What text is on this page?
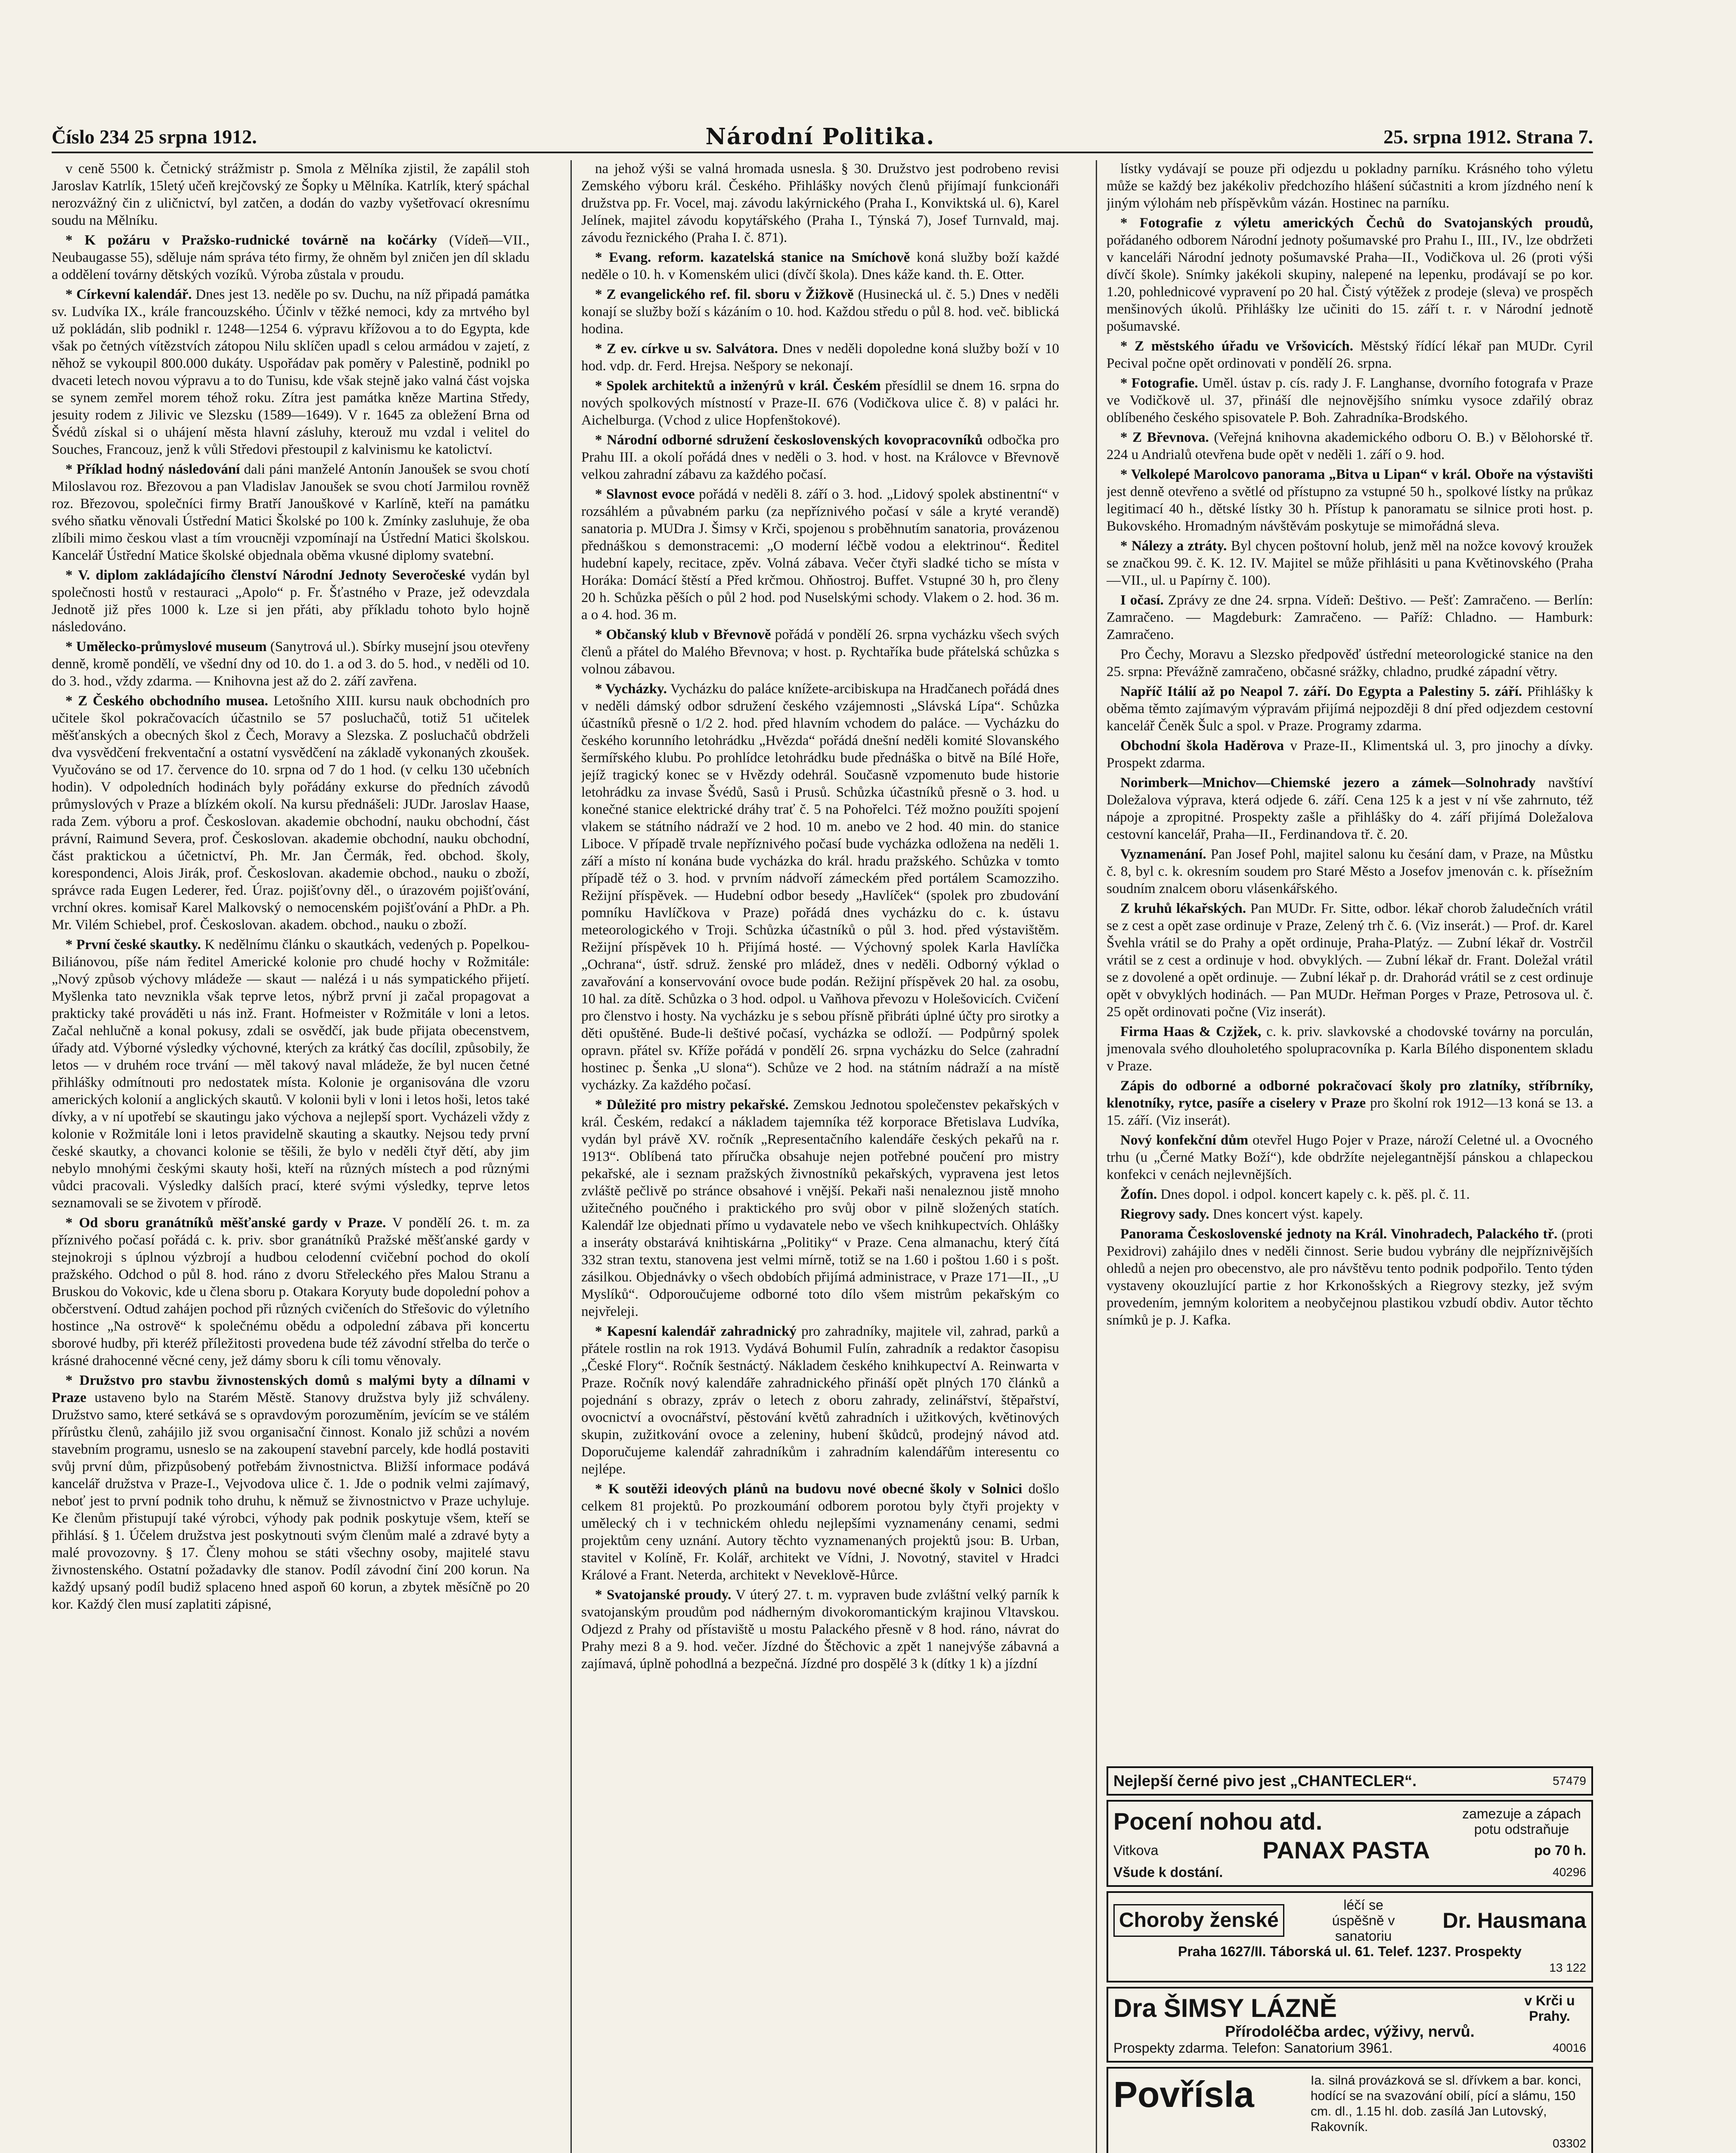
Číslo 234 25 srpna 1912.	Národní Politika.	25. srpna 1912. Strana 7.

v ceně 5500 k. Četnický strážmistr p. Smola z Mělníka zjistil, že zapálil stoh Jaroslav Katrlík, 15letý učeň krejčovský ze Šopky u Mělníka. Katrlík, který spáchal nerozvážný čin z uličnictví, byl zatčen, a dodán do vazby vyšetřovací okresnímu soudu na Mělníku.

* K požáru v Pražsko-rudnické továrně na kočárky (Vídeň—VII., Neubaugasse 55), sděluje nám správa této firmy, že ohněm byl zničen jen díl skladu a oddělení továrny dětských vozíků. Výroba zůstala v proudu.

* Církevní kalendář. Dnes jest 13. neděle po sv. Duchu, na níž připadá památka sv. Ludvíka IX., krále francouzského. Účinlv v těžké nemoci, kdy za mrtvého byl už pokládán, slib podnikl r. 1248—1254 6. výpravu křížovou a to do Egypta, kde však po četných vítězstvích zátopou Nilu sklíčen upadl s celou armádou v zajetí, z něhož se vykoupil 800.000 dukáty. Uspořádav pak poměry v Palestině, podnikl po dvaceti letech novou výpravu a to do Tunisu, kde však stejně jako valná část vojska se synem zemřel morem téhož roku. Zítra jest památka kněze Martina Středy, jesuity rodem z Jilivic ve Slezsku (1589—1649). V r. 1645 za obležení Brna od Švédů získal si o uhájení města hlavní zásluhy, kterouž mu vzdal i velitel do Souches, Francouz, jenž k vůli Středovi přestoupil z kalvinismu ke katolictví.

* Příklad hodný následování dali páni manželé Antonín Janoušek se svou chotí Miloslavou roz. Březovou a pan Vladislav Janoušek se svou chotí Jarmilou rovněž roz. Březovou, společníci firmy Bratří Janouškové v Karlíně, kteří na památku svého sňatku věnovali Ústřední Matici Školské po 100 k. Zmínky zasluhuje, že oba zlíbili mimo českou vlast a tím vroucněji vzpomínají na Ústřední Matici školskou. Kancelář Ústřední Matice školské objednala oběma vkusné diplomy svatební.

* V. diplom zakládajícího členství Národní Jednoty Severočeské vydán byl společnosti hostů v restauraci „Apolo“ p. Fr. Šťastného v Praze, jež odevzdala Jednotě již přes 1000 k. Lze si jen přáti, aby příkladu tohoto bylo hojně následováno.

* Umělecko-průmyslové museum (Sanytrová ul.). Sbírky musejní jsou otevřeny denně, kromě pondělí, ve všední dny od 10. do 1. a od 3. do 5. hod., v neděli od 10. do 3. hod., vždy zdarma. — Knihovna jest až do 2. září zavřena.

* Z Českého obchodního musea. Letošního XIII. kursu nauk obchodních pro učitele škol pokračovacích účastnilo se 57 posluchačů, totiž 51 učitelek měšťanských a obecných škol z Čech, Moravy a Slezska. Z posluchačů obdrželi dva vysvědčení frekventační a ostatní vysvědčení na základě vykonaných zkoušek. Vyučováno se od 17. července do 10. srpna od 7 do 1 hod. (v celku 130 učebních hodin). V odpoledních hodinách byly pořádány exkurse do předních závodů průmyslových v Praze a blízkém okolí. Na kursu přednášeli: JUDr. Jaroslav Haase, rada Zem. výboru a prof. Českoslovan. akademie obchodní, nauku obchodní, část právní, Raimund Severa, prof. Českoslovan. akademie obchodní, nauku obchodní, část praktickou a účetnictví, Ph. Mr. Jan Čermák, řed. obchod. školy, korespondenci, Alois Jirák, prof. Českoslovan. akademie obchod., nauku o zboží, správce rada Eugen Lederer, řed. Úraz. pojišťovny děl., o úrazovém pojišťování, vrchní okres. komisař Karel Malkovský o nemocenském pojišťování a PhDr. a Ph. Mr. Vilém Schiebel, prof. Českoslovan. akadem. obchod., nauku o zboží.

* První české skautky. K nedělnímu článku o skautkách, vedených p. Popelkou-Biliánovou, píše nám ředitel Americké kolonie pro chudé hochy v Rožmitále: „Nový způsob výchovy mládeže — skaut — nalézá i u nás sympatického přijetí. Myšlenka tato nevznikla však teprve letos, nýbrž první ji začal propagovat a prakticky také prováděti u nás inž. Frant. Hofmeister v Rožmitále v loni a letos. Začal nehlučně a konal pokusy, zdali se osvědčí, jak bude přijata obecenstvem, úřady atd. Výborné výsledky výchovné, kterých za krátký čas docílil, způsobily, že letos — v druhém roce trvání — měl takový naval mládeže, že byl nucen četné přihlášky odmítnouti pro nedostatek místa. Kolonie je organisována dle vzoru amerických kolonií a anglických skautů. V kolonii byli v loni i letos hoši, letos také dívky, a v ní upotřebí se skautingu jako výchova a nejlepší sport. Vycházeli vždy z kolonie v Rožmitále loni i letos pravidelně skauting a skautky. Nejsou tedy první české skautky, a chovanci kolonie se těšili, že bylo v neděli čtyř dětí, aby jim nebylo mnohými českými skauty hoši, kteří na různých místech a pod různými vůdci pracovali. Výsledky dalších prací, které svými výsledky, teprve letos seznamovali se se životem v přírodě.

* Od sboru granátníků měšťanské gardy v Praze. V pondělí 26. t. m. za příznivého počasí pořádá c. k. priv. sbor granátníků Pražské měšťanské gardy v stejnokroji s úplnou výzbrojí a hudbou celodenní cvičební pochod do okolí pražského. Odchod o půl 8. hod. ráno z dvoru Střeleckého přes Malou Stranu a Bruskou do Vokovic, kde u člena sboru p. Otakara Koryuty bude dopolední pohov a občerstvení. Odtud zahájen pochod při různých cvičeních do Střešovic do výletního hostince „Na ostrově“ k společnému obědu a odpolední zábava při koncertu sborové hudby, při kteréž příležitosti provedena bude též závodní střelba do terče o krásné drahocenné věcné ceny, jež dámy sboru k cíli tomu věnovaly.

* Družstvo pro stavbu živnostenských domů s malými byty a dílnami v Praze ustaveno bylo na Starém Městě. Stanovy družstva byly již schváleny. Družstvo samo, které setkává se s opravdovým porozuměním, jevícím se ve stálém přírůstku členů, zahájilo již svou organisační činnost. Konalo již schůzi a novém stavebním programu, usneslo se na zakoupení stavební parcely, kde hodlá postaviti svůj první dům, přizpůsobený potřebám živnostnictva. Bližší informace podává kancelář družstva v Praze-I., Vejvodova ulice č. 1. Jde o podnik velmi zajímavý, neboť jest to první podnik toho druhu, k němuž se živnostnictvo v Praze uchyluje. Ke členům přistupují také výrobci, výhody pak podnik poskytuje všem, kteří se přihlásí. § 1. Účelem družstva jest poskytnouti svým členům malé a zdravé byty a malé provozovny. § 17. Členy mohou se státi všechny osoby, majitelé stavu živnostenského. Ostatní požadavky dle stanov. Podíl závodní činí 200 korun. Na každý upsaný podíl budiž splaceno hned aspoň 60 korun, a zbytek měsíčně po 20 kor. Každý člen musí zaplatiti zápisné,

na jehož výši se valná hromada usnesla. § 30. Družstvo jest podrobeno revisi Zemského výboru král. Českého. Přihlášky nových členů přijímají funkcionáři družstva pp. Fr. Vocel, maj. závodu lakýrnického (Praha I., Konviktská ul. 6), Karel Jelínek, majitel závodu kopytářského (Praha I., Týnská 7), Josef Turnvald, maj. závodu řeznického (Praha I. č. 871).

* Evang. reform. kazatelská stanice na Smíchově koná služby boží každé neděle o 10. h. v Komenském ulici (dívčí škola). Dnes káže kand. th. E. Otter.

* Z evangelického ref. fil. sboru v Žižkově (Husinecká ul. č. 5.) Dnes v neděli konají se služby boží s kázáním o 10. hod. Každou středu o půl 8. hod. več. biblická hodina.

* Z ev. církve u sv. Salvátora. Dnes v neděli dopoledne koná služby boží v 10 hod. vdp. dr. Ferd. Hrejsa. Nešpory se nekonají.

* Spolek architektů a inženýrů v král. Českém přesídlil se dnem 16. srpna do nových spolkových místností v Praze-II. 676 (Vodičkova ulice č. 8) v paláci hr. Aichelburga. (Vchod z ulice Hopfenštokové).

* Národní odborné sdružení československých kovopracovníků odbočka pro Prahu III. a okolí pořádá dnes v neděli o 3. hod. v host. na Královce v Břevnově velkou zahradní zábavu za každého počasí.

* Slavnost evoce pořádá v neděli 8. září o 3. hod. „Lidový spolek abstinentní“ v rozsáhlém a půvabném parku (za nepříznivého počasí v sále a kryté verandě) sanatoria p. MUDra J. Šimsy v Krči, spojenou s proběhnutím sanatoria, provázenou přednáškou s demonstracemi: „O moderní léčbě vodou a elektrinou“. Ředitel hudební kapely, recitace, zpěv. Volná zábava. Večer čtyři sladké ticho se místa v Horáka: Domácí štěstí a Před krčmou. Ohňostroj. Buffet. Vstupné 30 h, pro členy 20 h. Schůzka pěších o půl 2 hod. pod Nuselskými schody. Vlakem o 2. hod. 36 m. a o 4. hod. 36 m.

* Občanský klub v Břevnově pořádá v pondělí 26. srpna vycházku všech svých členů a přátel do Malého Břevnova; v host. p. Rychtaříka bude přátelská schůzka s volnou zábavou.

* Vycházky. Vycházku do paláce knížete-arcibiskupa na Hradčanech pořádá dnes v neděli dámský odbor sdružení českého vzájemnosti „Slávská Lípa“. Schůzka účastníků přesně o 1/2 2. hod. před hlavním vchodem do paláce. — Vycházku do českého korunního letohrádku „Hvězda“ pořádá dnešní neděli komité Slovanského šermířského klubu. Po prohlídce letohrádku bude přednáška o bitvě na Bílé Hoře, jejíž tragický konec se v Hvězdy odehrál. Současně vzpomenuto bude historie letohrádku za invase Švédů, Sasů i Prusů. Schůzka účastníků přesně o 3. hod. u konečné stanice elektrické dráhy trať č. 5 na Pohořelci. Též možno použíti spojení vlakem se státního nádraží ve 2 hod. 10 m. anebo ve 2 hod. 40 min. do stanice Liboce. V případě trvale nepříznivého počasí bude vycházka odložena na neděli 1. září a místo ní konána bude vycházka do král. hradu pražského. Schůzka v tomto případě též o 3. hod. v prvním nádvoří zámeckém před portálem Scamozziho. Režijní příspěvek. — Hudební odbor besedy „Havlíček“ (spolek pro zbudování pomníku Havlíčkova v Praze) pořádá dnes vycházku do c. k. ústavu meteorologického v Troji. Schůzka účastníků o půl 3. hod. před výstavištěm. Režijní příspěvek 10 h. Přijímá hosté. — Výchovný spolek Karla Havlíčka „Ochrana“, ústř. sdruž. ženské pro mládež, dnes v neděli. Odborný výklad o zavařování a konservování ovoce bude podán. Režijní příspěvek 20 hal. za osobu, 10 hal. za dítě. Schůzka o 3 hod. odpol. u Vaňhova převozu v Holešovicích. Cvičení pro členstvo i hosty. Na vycházku je s sebou přísně přibráti úplné účty pro sirotky a děti opuštěné. Bude-li deštivé počasí, vycházka se odloží. — Podpůrný spolek opravn. přátel sv. Kříže pořádá v pondělí 26. srpna vycházku do Selce (zahradní hostinec p. Šenka „U slona“). Schůze ve 2 hod. na státním nádraží a na místě vycházky. Za každého počasí.

* Důležité pro mistry pekařské. Zemskou Jednotou společenstev pekařských v král. Českém, redakcí a nákladem tajemníka též korporace Břetislava Ludvíka, vydán byl právě XV. ročník „Representačního kalendáře českých pekařů na r. 1913“. Oblíbená tato příručka obsahuje nejen potřebné poučení pro mistry pekařské, ale i seznam pražských živnostníků pekařských, vypravena jest letos zvláště pečlivě po stránce obsahové i vnější. Pekaři naši nenaleznou jistě mnoho užitečného poučného i praktického pro svůj obor v pilně složených statích. Kalendář lze objednati přímo u vydavatele nebo ve všech knihkupectvích. Ohlášky a inseráty obstarává knihtiskárna „Politiky“ v Praze. Cena almanachu, který čítá 332 stran textu, stanovena jest velmi mírně, totiž se na 1.60 i poštou 1.60 i s pošt. zásilkou. Objednávky o všech obdobích přijímá administrace, v Praze 171—II., „U Myslíků“. Odporoučujeme odborné toto dílo všem mistrům pekařským co nejvřeleji.

* Kapesní kalendář zahradnický pro zahradníky, majitele vil, zahrad, parků a přátele rostlin na rok 1913. Vydává Bohumil Fulín, zahradník a redaktor časopisu „České Flory“. Ročník šestnáctý. Nákladem českého knihkupectví A. Reinwarta v Praze. Ročník nový kalendáře zahradnického přináší opět plných 170 článků a pojednání s obrazy, zpráv o letech z oboru zahrady, zelinářství, štěpařství, ovocnictví a ovocnářství, pěstování květů zahradních i užitkových, květinových skupin, zužitkování ovoce a zeleniny, hubení škůdců, prodejný návod atd. Doporučujeme kalendář zahradníkům i zahradním kalendářům interesentu co nejlépe.

* K soutěži ideových plánů na budovu nové obecné školy v Solnici došlo celkem 81 projektů. Po prozkoumání odborem porotou byly čtyři projekty v umělecký ch i v technickém ohledu nejlepšími vyznamenány cenami, sedmi projektům ceny uznání. Autory těchto vyznamenaných projektů jsou: B. Urban, stavitel v Kolíně, Fr. Kolář, architekt ve Vídni, J. Novotný, stavitel v Hradci Králové a Frant. Neterda, architekt v Neveklově-Hůrce.

* Svatojanské proudy. V úterý 27. t. m. vypraven bude zvláštní velký parník k svatojanským proudům pod nádherným divokoromantickým krajinou Vltavskou. Odjezd z Prahy od přístaviště u mostu Palackého přesně v 8 hod. ráno, návrat do Prahy mezi 8 a 9. hod. večer. Jízdné do Štěchovic a zpět 1 nanejvýše zábavná a zajímavá, úplně pohodlná a bezpečná. Jízdné pro dospělé 3 k (dítky 1 k) a jízdní

lístky vydávají se pouze při odjezdu u pokladny parníku. Krásného toho výletu může se každý bez jakékoliv předchozího hlášení súčastniti a krom jízdného není k jiným výlohám neb příspěvkům vázán. Hostinec na parníku.

* Fotografie z výletu amerických Čechů do Svatojanských proudů, pořádaného odborem Národní jednoty pošumavské pro Prahu I., III., IV., lze obdržeti v kanceláři Národní jednoty pošumavské Praha—II., Vodičkova ul. 26 (proti výši dívčí škole). Snímky jakékoli skupiny, nalepené na lepenku, prodávají se po kor. 1.20, pohlednicové vypravení po 20 hal. Čistý výtěžek z prodeje (sleva) ve prospěch menšinových úkolů. Přihlášky lze učiniti do 15. září t. r. v Národní jednotě pošumavské.

* Z městského úřadu ve Vršovicích. Městský řídící lékař pan MUDr. Cyril Pecival počne opět ordinovati v pondělí 26. srpna.

* Fotografie. Uměl. ústav p. cís. rady J. F. Langhanse, dvorního fotografa v Praze ve Vodičkově ul. 37, přináší dle nejnovějšího snímku vysoce zdařilý obraz oblíbeného českého spisovatele P. Boh. Zahradníka-Brodského.

* Z Břevnova. (Veřejná knihovna akademického odboru O. B.) v Bělohorské tř. 224 u Andrialů otevřena bude opět v neděli 1. září o 9. hod.

* Velkolepé Marolcovo panorama „Bitva u Lipan“ v král. Oboře na výstavišti jest denně otevřeno a světlé od přístupno za vstupné 50 h., spolkové lístky na průkaz legitimací 40 h., dětské lístky 30 h. Přístup k panoramatu se silnice proti host. p. Bukovského. Hromadným návštěvám poskytuje se mimořádná sleva.

* Nálezy a ztráty. Byl chycen poštovní holub, jenž měl na nožce kovový kroužek se značkou 99. č. K. 12. IV. Majitel se může přihlásiti u pana Květinovského (Praha—VII., ul. u Papírny č. 100).

I očasí. Zprávy ze dne 24. srpna. Vídeň: Deštivo. — Pešť: Zamračeno. — Berlín: Zamračeno. — Magdeburk: Zamračeno. — Paříž: Chladno. — Hamburk: Zamračeno.

Pro Čechy, Moravu a Slezsko předpověď ústřední meteorologické stanice na den 25. srpna: Převážně zamračeno, občasné srážky, chladno, prudké západní větry.

Napříč Itálií až po Neapol 7. září. Do Egypta a Palestiny 5. září. Přihlášky k oběma těmto zajímavým výpravám přijímá nejpozději 8 dní před odjezdem cestovní kancelář Čeněk Šulc a spol. v Praze. Programy zdarma.

Obchodní škola Haděrova v Praze-II., Klimentská ul. 3, pro jinochy a dívky. Prospekt zdarma.

Norimberk—Mnichov—Chiemské jezero a zámek—Solnohrady navštíví Doležalova výprava, která odjede 6. září. Cena 125 k a jest v ní vše zahrnuto, též nápoje a zpropitné. Prospekty zašle a přihlášky do 4. září přijímá Doležalova cestovní kancelář, Praha—II., Ferdinandova tř. č. 20.

Vyznamenání. Pan Josef Pohl, majitel salonu ku česání dam, v Praze, na Můstku č. 8, byl c. k. okresním soudem pro Staré Město a Josefov jmenován c. k. přísežním soudním znalcem oboru vlásenkářského.

Z kruhů lékařských. Pan MUDr. Fr. Sitte, odbor. lékař chorob žaludečních vrátil se z cest a opět zase ordinuje v Praze, Zelený trh č. 6. (Viz inserát.) — Prof. dr. Karel Švehla vrátil se do Prahy a opět ordinuje, Praha-Platýz. — Zubní lékař dr. Vostrčil vrátil se z cest a ordinuje v hod. obvyklých. — Zubní lékař dr. Frant. Doležal vrátil se z dovolené a opět ordinuje. — Zubní lékař p. dr. Drahorád vrátil se z cest ordinuje opět v obvyklých hodinách. — Pan MUDr. Heřman Porges v Praze, Petrosova ul. č. 25 opět ordinovati počne (Viz inserát).

Firma Haas & Czjžek, c. k. priv. slavkovské a chodovské továrny na porculán, jmenovala svého dlouholetého spolupracovníka p. Karla Bílého disponentem skladu v Praze.

Zápis do odborné a odborné pokračovací školy pro zlatníky, stříbrníky, klenotníky, rytce, pasíře a ciselery v Praze pro školní rok 1912—13 koná se 13. a 15. září. (Viz inserát).

Nový konfekční dům otevřel Hugo Pojer v Praze, nároží Celetné ul. a Ovocného trhu (u „Černé Matky Boží“), kde obdržíte nejelegantnější pánskou a chlapeckou konfekci v cenách nejlevnějších.

Žofín. Dnes dopol. i odpol. koncert kapely c. k. pěš. pl. č. 11.

Riegrovy sady. Dnes koncert výst. kapely.

Panorama Československé jednoty na Král. Vinohradech, Palackého tř. (proti Pexidrovi) zahájilo dnes v neděli činnost. Serie budou vybrány dle nejpříznivějších ohledů a nejen pro obecenstvo, ale pro návštěvu tento podnik podpořilo. Tento týden vystaveny okouzlující partie z hor Krkonošských a Riegrovy stezky, jež svým provedením, jemným koloritem a neobyčejnou plastikou vzbudí obdiv. Autor těchto snímků je p. J. Kafka.

Nejlepší černé pivo jest „CHANTECLER“.	57479
Pocení nohou atd.	zamezuje a zápach potu odstraňuje
Vitkova	PANAX PASTA	po 70 h.
Všude k dostání.	40296
Choroby ženské
léčí se úspěšně v sanatoriu
Dr. Hausmana
Praha 1627/II. Táborská ul. 61. Telef. 1237. Prospekty
13 122
Dra ŠIMSY LÁZNĚ	v Krči u Prahy.
Přírodoléčba ardec, výživy, nervů.
Prospekty zdarma. Telefon: Sanatorium 3961.	40016
Povřísla	Ia. silná provázková se sl. dřívkem a bar. konci, hodící se na svazování obilí, pící a slámu, 150 cm. dl., 1.15 hl. dob. zasílá Jan Lutovský, Rakovník.
03302
